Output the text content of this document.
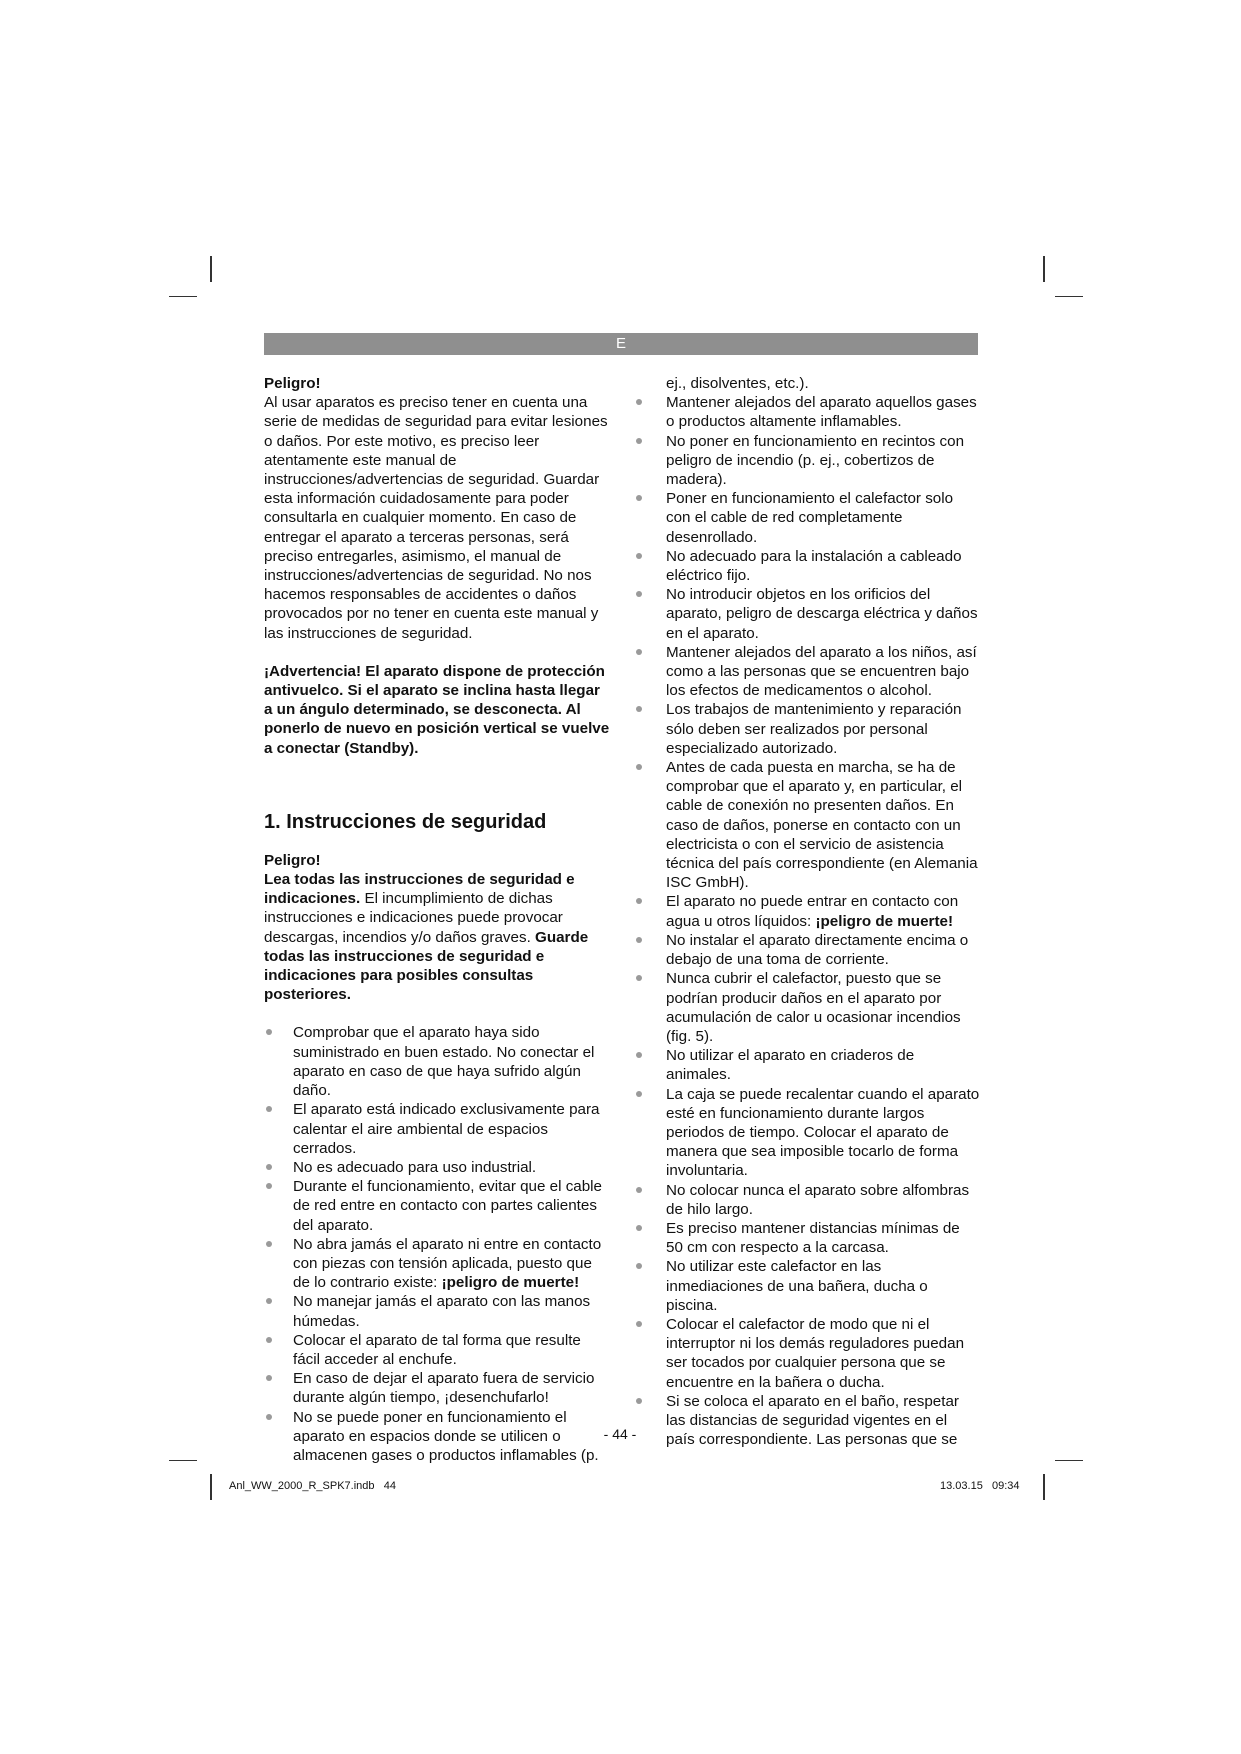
E

Peligro!

Al usar aparatos es preciso tener en cuenta una serie de medidas de seguridad para evitar lesiones o daños. Por este motivo, es preciso leer atentamente este manual de instrucciones/advertencias de seguridad. Guardar esta información cuidadosamente para poder consultarla en cualquier momento. En caso de entregar el aparato a terceras personas, será preciso entregarles, asimismo, el manual de instrucciones/advertencias de seguridad. No nos hacemos responsables de accidentes o daños provocados por no tener en cuenta este manual y las instrucciones de seguridad.

¡Advertencia! El aparato dispone de protección antivuelco. Si el aparato se inclina hasta llegar a un ángulo determinado, se desconecta. Al ponerlo de nuevo en posición vertical se vuelve a conectar (Standby).

1. Instrucciones de seguridad

Peligro!

Lea todas las instrucciones de seguridad e indicaciones. El incumplimiento de dichas instrucciones e indicaciones puede provocar descargas, incendios y/o daños graves. Guarde todas las instrucciones de seguridad e indicaciones para posibles consultas posteriores.

Comprobar que el aparato haya sido suministrado en buen estado. No conectar el aparato en caso de que haya sufrido algún daño.
El aparato está indicado exclusivamente para calentar el aire ambiental de espacios cerrados.
No es adecuado para uso industrial.
Durante el funcionamiento, evitar que el cable de red entre en contacto con partes calientes del aparato.
No abra jamás el aparato ni entre en contacto con piezas con tensión aplicada, puesto que de lo contrario existe: ¡peligro de muerte!
No manejar jamás el aparato con las manos húmedas.
Colocar el aparato de tal forma que resulte fácil acceder al enchufe.
En caso de dejar el aparato fuera de servicio durante algún tiempo, ¡desenchufarlo!
No se puede poner en funcionamiento el aparato en espacios donde se utilicen o almacenen gases o productos inflamables (p.

ej., disolventes, etc.).

Mantener alejados del aparato aquellos gases o productos altamente inflamables.
No poner en funcionamiento en recintos con peligro de incendio (p. ej., cobertizos de madera).
Poner en funcionamiento el calefactor solo con el cable de red completamente desenrollado.
No adecuado para la instalación a cableado eléctrico fijo.
No introducir objetos en los orificios del aparato, peligro de descarga eléctrica y daños en el aparato.
Mantener alejados del aparato a los niños, así como a las personas que se encuentren bajo los efectos de medicamentos o alcohol.
Los trabajos de mantenimiento y reparación sólo deben ser realizados por personal especializado autorizado.
Antes de cada puesta en marcha, se ha de comprobar que el aparato y, en particular, el cable de conexión no presenten daños. En caso de daños, ponerse en contacto con un electricista o con el servicio de asistencia técnica del país correspondiente (en Alemania ISC GmbH).
El aparato no puede entrar en contacto con agua u otros líquidos: ¡peligro de muerte!
No instalar el aparato directamente encima o debajo de una toma de corriente.
Nunca cubrir el calefactor, puesto que se podrían producir daños en el aparato por acumulación de calor u ocasionar incendios (fig. 5).
No utilizar el aparato en criaderos de animales.
La caja se puede recalentar cuando el aparato esté en funcionamiento durante largos periodos de tiempo. Colocar el aparato de manera que sea imposible tocarlo de forma involuntaria.
No colocar nunca el aparato sobre alfombras de hilo largo.
Es preciso mantener distancias mínimas de 50 cm con respecto a la carcasa.
No utilizar este calefactor en las inmediaciones de una bañera, ducha o piscina.
Colocar el calefactor de modo que ni el interruptor ni los demás reguladores puedan ser tocados por cualquier persona que se encuentre en la bañera o ducha.
Si se coloca el aparato en el baño, respetar las distancias de seguridad vigentes en el país correspondiente. Las personas que se
- 44 -
Anl_WW_2000_R_SPK7.indb   44	13.03.15   09:34
